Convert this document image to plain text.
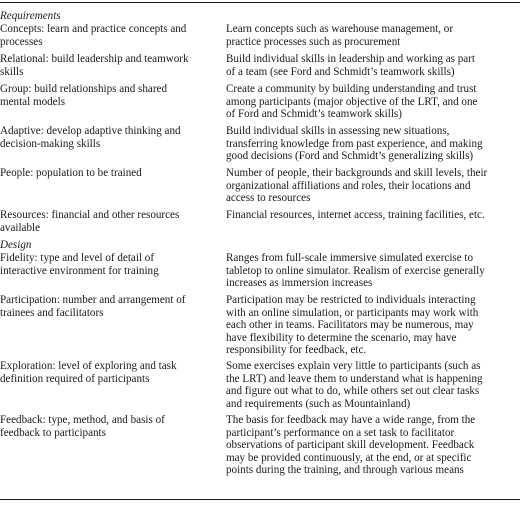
Requirements
Concepts: learn and practice concepts and
processes
Learn concepts such as warehouse management, or
practice processes such as procurement
Relational: build leadership and teamwork
skills
Build individual skills in leadership and working as part
of a team (see Ford and Schmidt’s teamwork skills)
Group: build relationships and shared
mental models
Create a community by building understanding and trust
among participants (major objective of the LRT, and one
of Ford and Schmidt’s teamwork skills)
Adaptive: develop adaptive thinking and
decision-making skills
Build individual skills in assessing new situations,
transferring knowledge from past experience, and making
good decisions (Ford and Schmidt’s generalizing skills)
People: population to be trained	Number of people, their backgrounds and skill levels, their
organizational affiliations and roles, their locations and
access to resources
Resources: financial and other resources
available
Financial resources, internet access, training facilities, etc.
Design
Fidelity: type and level of detail of
interactive environment for training
Ranges from full-scale immersive simulated exercise to
tabletop to online simulator. Realism of exercise generally
increases as immersion increases
Participation: number and arrangement of
trainees and facilitators
Participation may be restricted to individuals interacting
with an online simulation, or participants may work with
each other in teams. Facilitators may be numerous, may
have flexibility to determine the scenario, may have
responsibility for feedback, etc.
Exploration: level of exploring and task
definition required of participants
Some exercises explain very little to participants (such as
the LRT) and leave them to understand what is happening
and figure out what to do, while others set out clear tasks
and requirements (such as Mountainland)
Feedback: type, method, and basis of
feedback to participants
The basis for feedback may have a wide range, from the
participant’s performance on a set task to facilitator
observations of participant skill development. Feedback
may be provided continuously, at the end, or at specific
points during the training, and through various means
